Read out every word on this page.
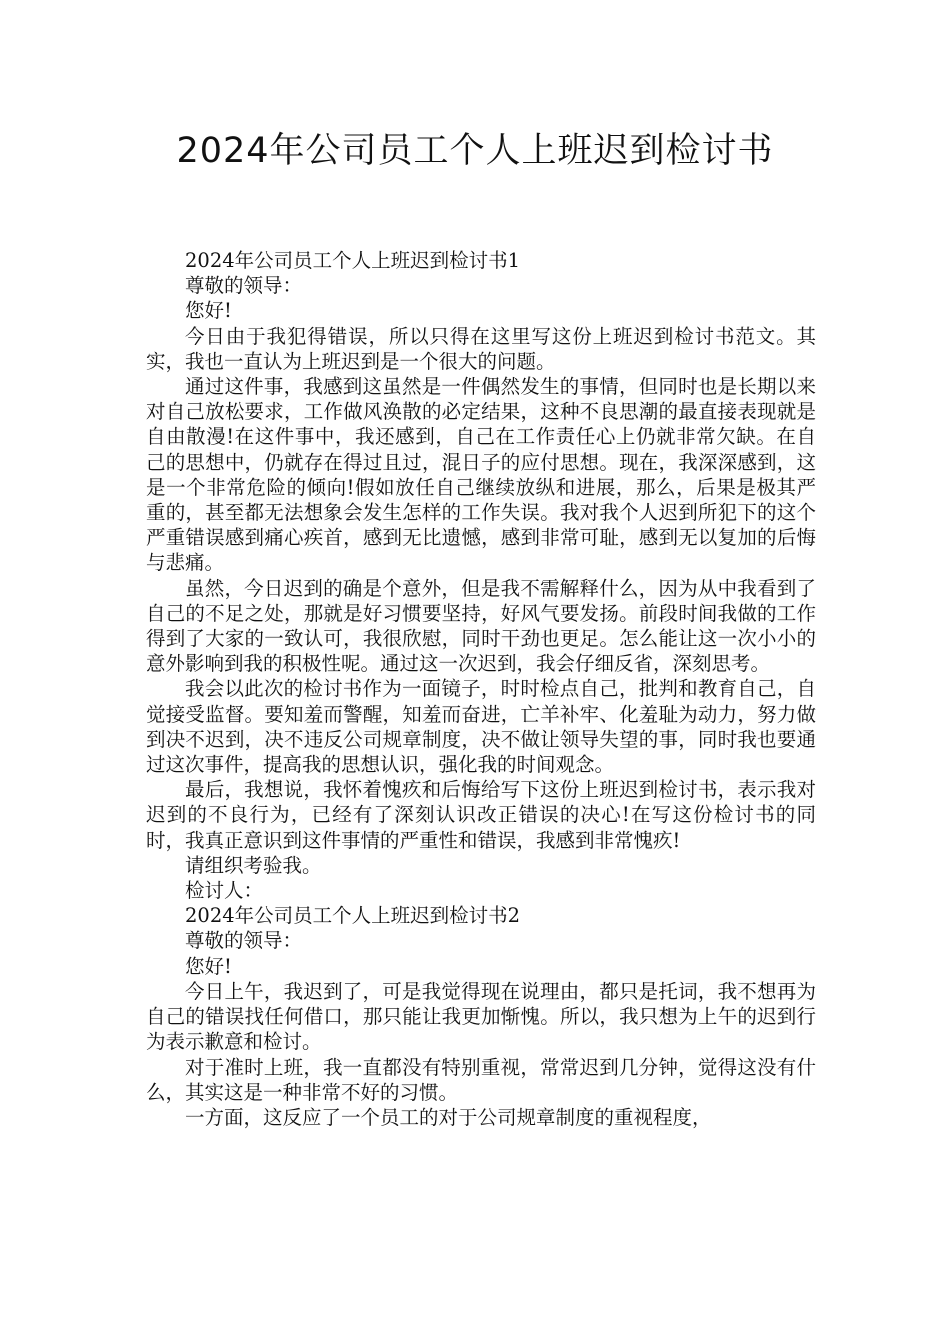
2024年公司员工个人上班迟到检讨书

2024年公司员工个人上班迟到检讨书1

尊敬的领导：

您好!

今日由于我犯得错误，所以只得在这里写这份上班迟到检讨书范文。其实，我也一直认为上班迟到是一个很大的问题。

通过这件事，我感到这虽然是一件偶然发生的事情，但同时也是长期以来对自己放松要求，工作做风涣散的必定结果，这种不良思潮的最直接表现就是自由散漫!在这件事中，我还感到，自己在工作责任心上仍就非常欠缺。在自己的思想中，仍就存在得过且过，混日子的应付思想。现在，我深深感到，这是一个非常危险的倾向!假如放任自己继续放纵和进展，那么，后果是极其严重的，甚至都无法想象会发生怎样的工作失误。我对我个人迟到所犯下的这个严重错误感到痛心疾首，感到无比遗憾，感到非常可耻，感到无以复加的后悔与悲痛。

虽然，今日迟到的确是个意外，但是我不需解释什么，因为从中我看到了自己的不足之处，那就是好习惯要坚持，好风气要发扬。前段时间我做的工作得到了大家的一致认可，我很欣慰，同时干劲也更足。怎么能让这一次小小的意外影响到我的积极性呢。通过这一次迟到，我会仔细反省，深刻思考。

我会以此次的检讨书作为一面镜子，时时检点自己，批判和教育自己，自觉接受监督。要知羞而警醒，知羞而奋进，亡羊补牢、化羞耻为动力，努力做到决不迟到，决不违反公司规章制度，决不做让领导失望的事，同时我也要通过这次事件，提高我的思想认识，强化我的时间观念。

最后，我想说，我怀着愧疚和后悔给写下这份上班迟到检讨书，表示我对迟到的不良行为，已经有了深刻认识改正错误的决心!在写这份检讨书的同时，我真正意识到这件事情的严重性和错误，我感到非常愧疚!

请组织考验我。

检讨人：

2024年公司员工个人上班迟到检讨书2

尊敬的领导：

您好!

今日上午，我迟到了，可是我觉得现在说理由，都只是托词，我不想再为自己的错误找任何借口，那只能让我更加惭愧。所以，我只想为上午的迟到行为表示歉意和检讨。

对于准时上班，我一直都没有特别重视，常常迟到几分钟，觉得这没有什么，其实这是一种非常不好的习惯。

一方面，这反应了一个员工的对于公司规章制度的重视程度，
